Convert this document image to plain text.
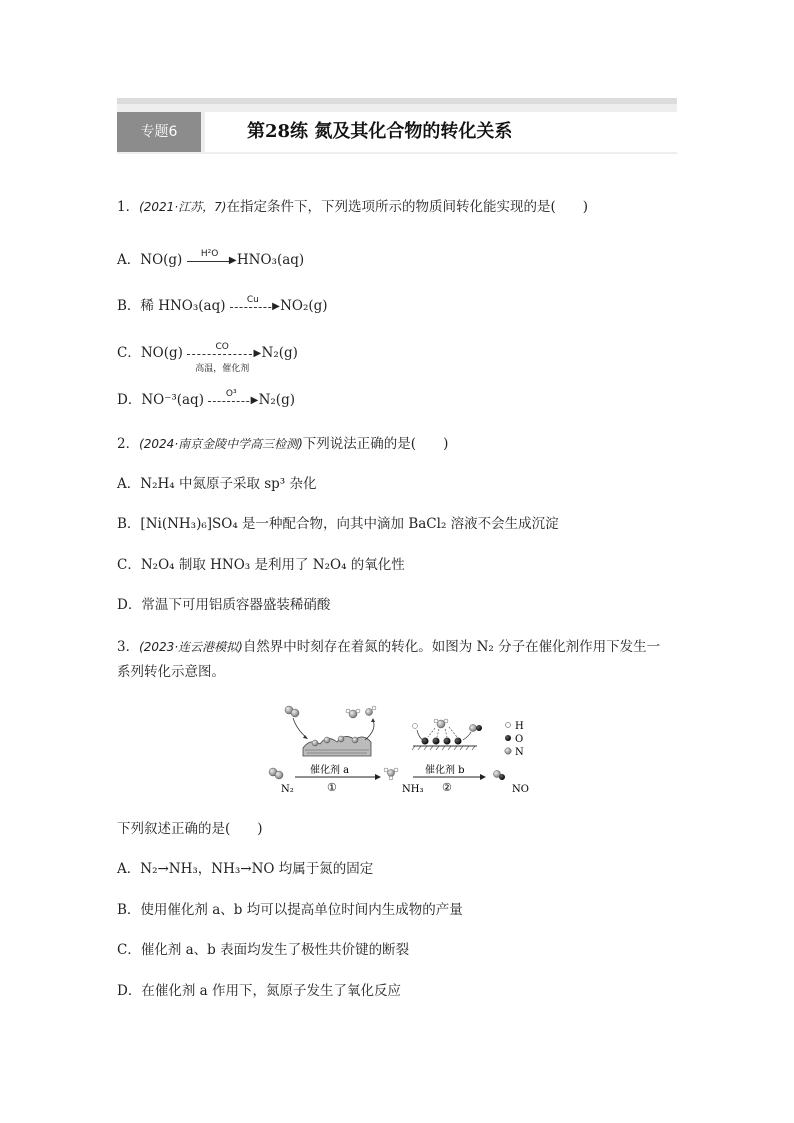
专题6	第28练 氮及其化合物的转化关系
1．(2021·江苏，7)在指定条件下，下列选项所示的物质间转化能实现的是(　　)
A．NO(g)	H²O
▶ HNO₃(aq)
B．稀 HNO₃(aq)	Cu
▶ NO₂(g)
C．NO(g)	CO
▶
高温，催化剂
N₂(g)
D．NO⁻³(aq)	O³
▶ N₂(g)
2．(2024·南京金陵中学高三检测)下列说法正确的是(　　)
A．N₂H₄ 中氮原子采取 sp³ 杂化
B．[Ni(NH₃)₆]SO₄ 是一种配合物，向其中滴加 BaCl₂ 溶液不会生成沉淀
C．N₂O₄ 制取 HNO₃ 是利用了 N₂O₄ 的氧化性
D．常温下可用铝质容器盛装稀硝酸
3．(2023·连云港模拟)自然界中时刻存在着氮的转化。如图为 N₂ 分子在催化剂作用下发生一
系列转化示意图。
H
O
N
N₂
催化剂 a
①	NH₃
催化剂 b
②	NO
下列叙述正确的是(　　)
A．N₂→NH₃，NH₃→NO 均属于氮的固定
B．使用催化剂 a、b 均可以提高单位时间内生成物的产量
C．催化剂 a、b 表面均发生了极性共价键的断裂
D．在催化剂 a 作用下，氮原子发生了氧化反应
